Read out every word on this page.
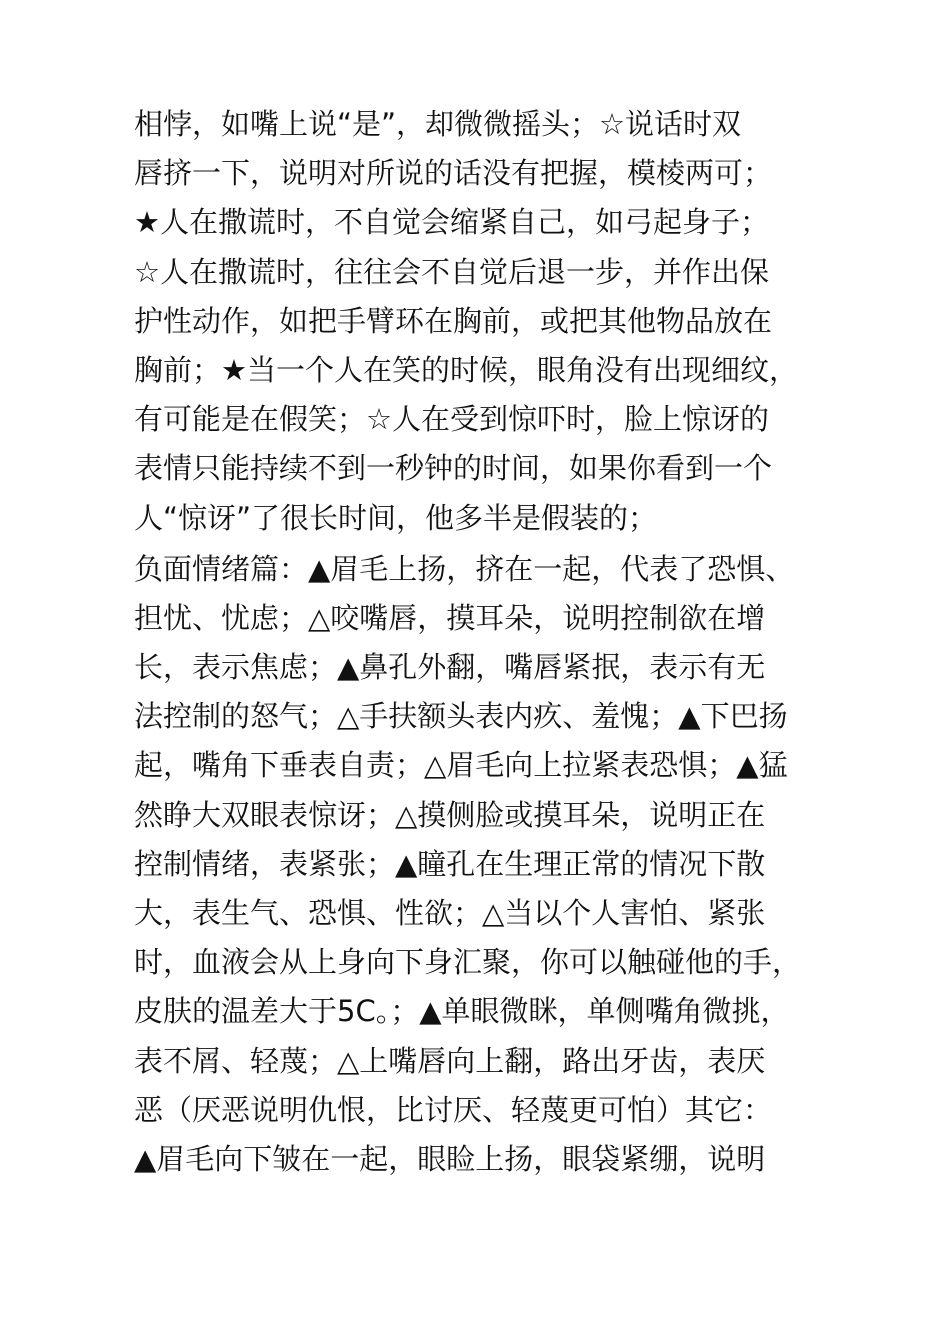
相悖，如嘴上说“是”，却微微摇头；☆说话时双
唇挤一下，说明对所说的话没有把握，模棱两可；
★人在撒谎时，不自觉会缩紧自己，如弓起身子；
☆人在撒谎时，往往会不自觉后退一步，并作出保
护性动作，如把手臂环在胸前，或把其他物品放在
胸前；★当一个人在笑的时候，眼角没有出现细纹，
有可能是在假笑；☆人在受到惊吓时，脸上惊讶的
表情只能持续不到一秒钟的时间，如果你看到一个
人“惊讶”了很长时间，他多半是假装的；
负面情绪篇：▲眉毛上扬，挤在一起，代表了恐惧、
担忧、忧虑；△咬嘴唇，摸耳朵，说明控制欲在增
长，表示焦虑；▲鼻孔外翻，嘴唇紧抿，表示有无
法控制的怒气；△手扶额头表内疚、羞愧；▲下巴扬
起，嘴角下垂表自责；△眉毛向上拉紧表恐惧；▲猛
然睁大双眼表惊讶；△摸侧脸或摸耳朵，说明正在
控制情绪，表紧张；▲瞳孔在生理正常的情况下散
大，表生气、恐惧、性欲；△当以个人害怕、紧张
时，血液会从上身向下身汇聚，你可以触碰他的手，
皮肤的温差大于5C。；▲单眼微眯，单侧嘴角微挑，
表不屑、轻蔑；△上嘴唇向上翻，路出牙齿，表厌
恶（厌恶说明仇恨，比讨厌、轻蔑更可怕）其它：
▲眉毛向下皱在一起，眼睑上扬，眼袋紧绷，说明
